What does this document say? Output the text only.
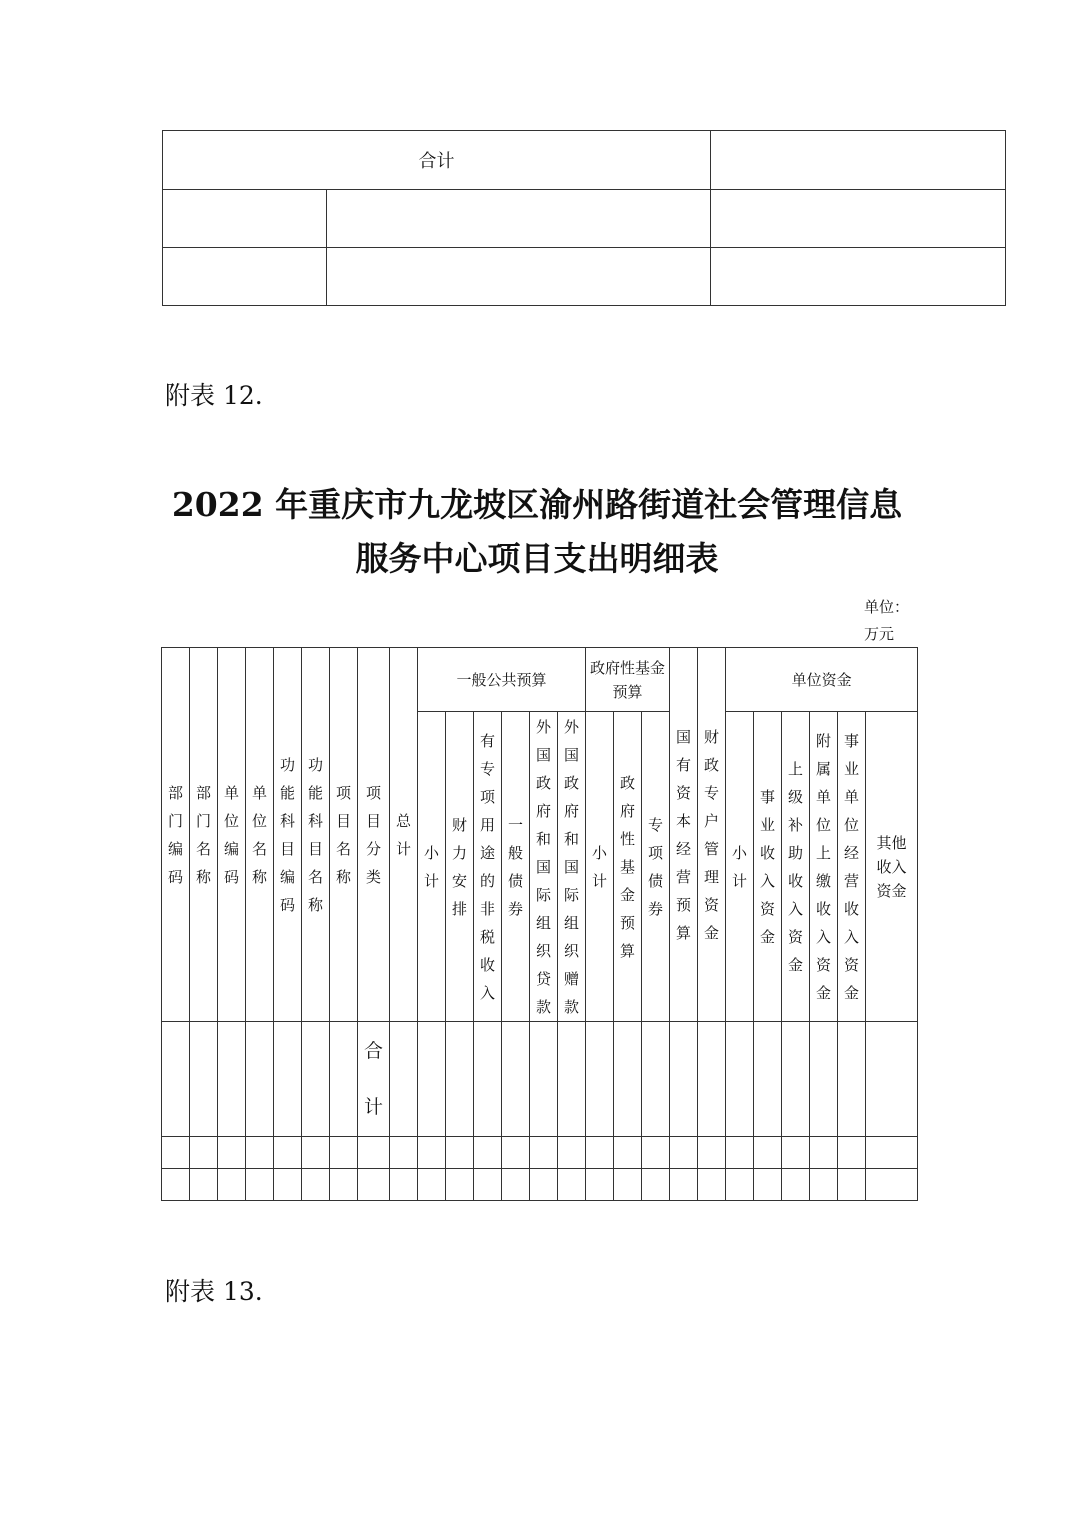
合计		

附表 12.
2022 年重庆市九龙坡区渝州路街道社会管理信息
服务中心项目支出明细表
单位：
万元
部门编码	部门名称	单位编码	单位名称	功能科目编码	功能科目名称	项目名称	项目分类	总计	一般公共预算						政府性基金预算			国有资本经营预算	财政专户管理资金	单位资金					

									小计	财力安排	有专项用途的非税收入	一般债券	外国政府和国际组织贷款	外国政府和国际组织赠款	小计	政府性基金预算	专项债券			小计	事业收入资金	上级补助收入资金	附属单位上缴收入资金	事业单位经营收入资金	其他收入资金

							合计																		

附表 13.
